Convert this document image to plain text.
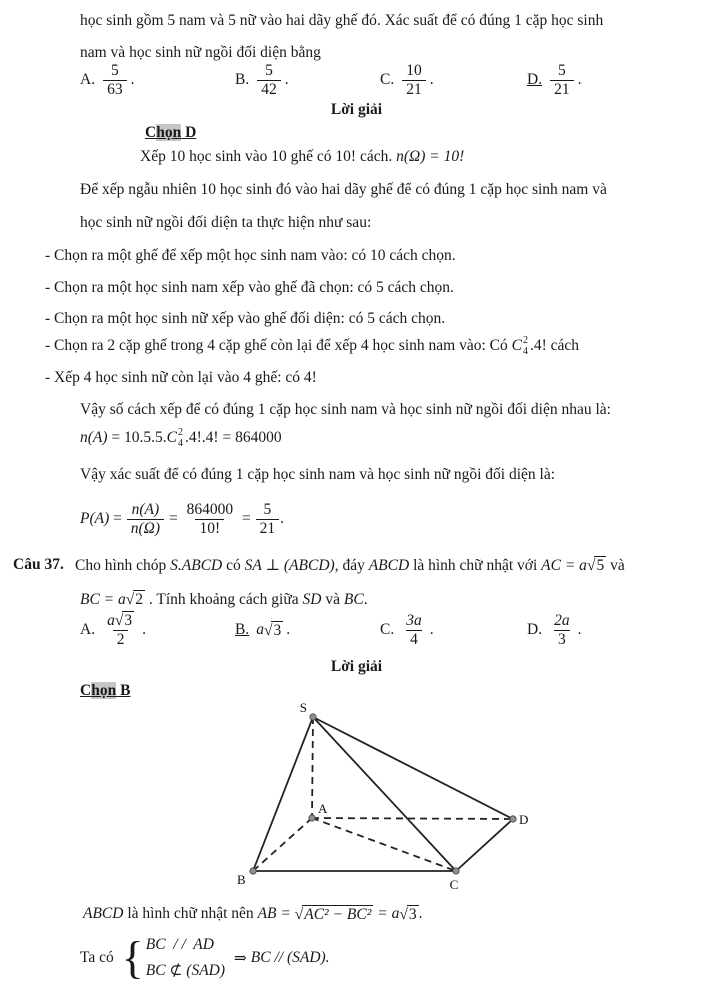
học sinh gồm 5 nam và 5 nữ vào hai dãy ghế đó. Xác suất để có đúng 1 cặp học sinh
nam và học sinh nữ ngồi đối diện bằng
A. $\frac{5}{63}$ .	B. $\frac{5}{42}$ .	C. $\frac{10}{21}$ .	D. $\frac{5}{21}$ .
Lời giải
Chọn D
Xếp 10 học sinh vào 10 ghế có 10! cách. n(Ω) = 10!
Để xếp ngẫu nhiên 10 học sinh đó vào hai dãy ghế để có đúng 1 cặp học sinh nam và
học sinh nữ ngồi đối diện ta thực hiện như sau:
- Chọn ra một ghế để xếp một học sinh nam vào: có 10 cách chọn.
- Chọn ra một học sinh nam xếp vào ghế đã chọn: có 5 cách chọn.
- Chọn ra một học sinh nữ xếp vào ghế đối diện: có 5 cách chọn.
- Chọn ra 2 cặp ghế trong 4 cặp ghế còn lại để xếp 4 học sinh nam vào: Có C 2
4 .4! cách
- Xếp 4 học sinh nữ còn lại vào 4 ghế: có 4!
Vậy số cách xếp để có đúng 1 cặp học sinh nam và học sinh nữ ngồi đối diện nhau là:
n(A) = 10.5.5. C 2
4 .4!.4! = 864000
Vậy xác suất để có đúng 1 cặp học sinh nam và học sinh nữ ngồi đối diện là:
$P(A) = \frac{n(A)}{n(\Omega)} = \frac{864000}{10!} = \frac{5}{21}$ .
Câu 37. Cho hình chóp S.ABCD có SA ⊥ (ABCD), đáy ABCD là hình chữ nhật với AC = a √ 5 và
BC = a √ 2 . Tính khoảng cách giữa SD và BC.
A. $\frac{a √ 3}{2}$ .	B. a √ 3 .	C. $\frac{3a}{4}$ .	D. $\frac{2a}{3}$ .
Lời giải
Chọn B
S
A
B	C
D
ABCD là hình chữ nhật nên AB = √ AC² − BC² = a √ 3 .
Ta có { BC  / /  AD
BC ⊄ (SAD)
⇒ BC // (SAD).
